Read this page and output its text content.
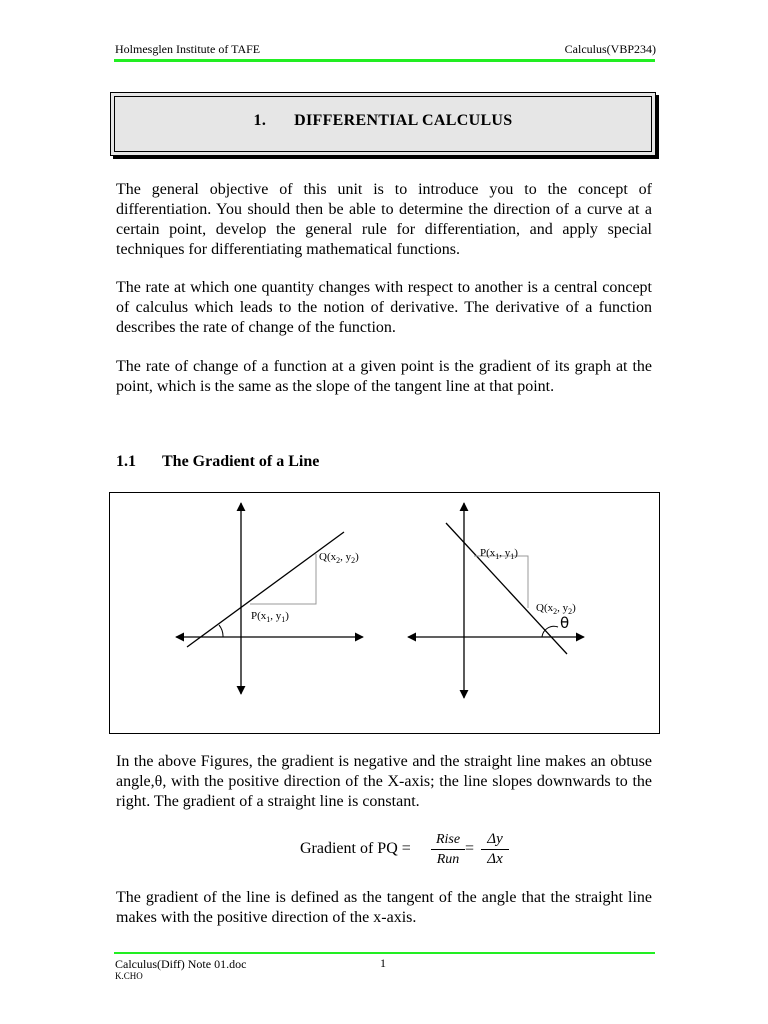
Holmesglen Institute of TAFE	Calculus(VBP234)
1. DIFFERENTIAL CALCULUS
The general objective of this unit is to introduce you to the concept of differentiation. You should then be able to determine the direction of a curve at a certain point, develop the general rule for differentiation, and apply special techniques for differentiating mathematical functions.
The rate at which one quantity changes with respect to another is a central concept of calculus which leads to the notion of derivative. The derivative of a function describes the rate of change of the function.
The rate of change of a function at a given point is the gradient of its graph at the point, which is the same as the slope of the tangent line at that point.
1.1 The Gradient of a Line
$Q(x_2$, $y_2$)
$P(x_1$, $y_1$)
$P(x_1$, $y_1$)
$Q(x_2$, $y_2$)
θ
In the above Figures, the gradient is negative and the straight line makes an obtuse angle,θ, with the positive direction of the X-axis; the line slopes downwards to the right. The gradient of a straight line is constant.
Gradient of PQ =
Rise
Run
=
Δy
Δx
The gradient of the line is defined as the tangent of the angle that the straight line makes with the positive direction of the x-axis.
Calculus(Diff) Note 01.doc
K.CHO
1
